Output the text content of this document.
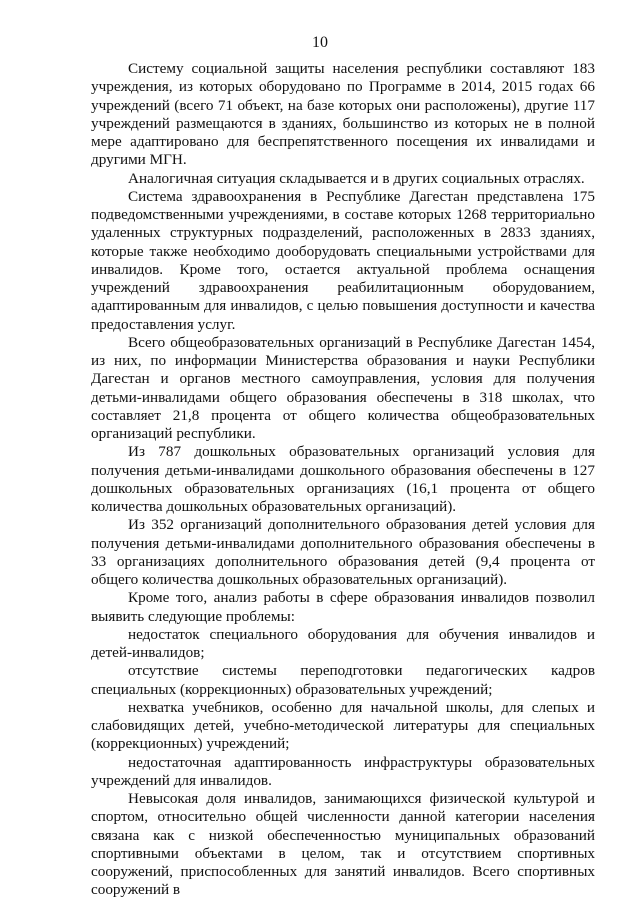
10

Систему социальной защиты населения республики составляют 183 учреждения, из которых оборудовано по Программе в 2014, 2015 годах 66 учреждений (всего 71 объект, на базе которых они расположены), другие 117 учреждений размещаются в зданиях, большинство из которых не в полной мере адаптировано для беспрепятственного посещения их инвалидами и другими МГН.

Аналогичная ситуация складывается и в других социальных отраслях.

Система здравоохранения в Республике Дагестан представлена 175 подведомственными учреждениями, в составе которых 1268 территориально удаленных структурных подразделений, расположенных в 2833 зданиях, которые также необходимо дооборудовать специальными устройствами для инвалидов. Кроме того, остается актуальной проблема оснащения учреждений здравоохранения реабилитационным оборудованием, адаптированным для инвалидов, с целью повышения доступности и качества предоставления услуг.

Всего общеобразовательных организаций в Республике Дагестан 1454, из них, по информации Министерства образования и науки Республики Дагестан и органов местного самоуправления, условия для получения детьми-инвалидами общего образования обеспечены в 318 школах, что составляет 21,8 процента от общего количества общеобразовательных организаций республики.

Из 787 дошкольных образовательных организаций условия для получения детьми-инвалидами дошкольного образования обеспечены в 127 дошкольных образовательных организациях (16,1 процента от общего количества дошкольных образовательных организаций).

Из 352 организаций дополнительного образования детей условия для получения детьми-инвалидами дополнительного образования обеспечены в 33 организациях дополнительного образования детей (9,4 процента от общего количества дошкольных образовательных организаций).

Кроме того, анализ работы в сфере образования инвалидов позволил выявить следующие проблемы:

недостаток специального оборудования для обучения инвалидов и детей-инвалидов;

отсутствие системы переподготовки педагогических кадров специальных (коррекционных) образовательных учреждений;

нехватка учебников, особенно для начальной школы, для слепых и слабовидящих детей, учебно-методической литературы для специальных (коррекционных) учреждений;

недостаточная адаптированность инфраструктуры образовательных учреждений для инвалидов.

Невысокая доля инвалидов, занимающихся физической культурой и спортом, относительно общей численности данной категории населения связана как с низкой обеспеченностью муниципальных образований спортивными объектами в целом, так и отсутствием спортивных сооружений, приспособленных для занятий инвалидов. Всего спортивных сооружений в
